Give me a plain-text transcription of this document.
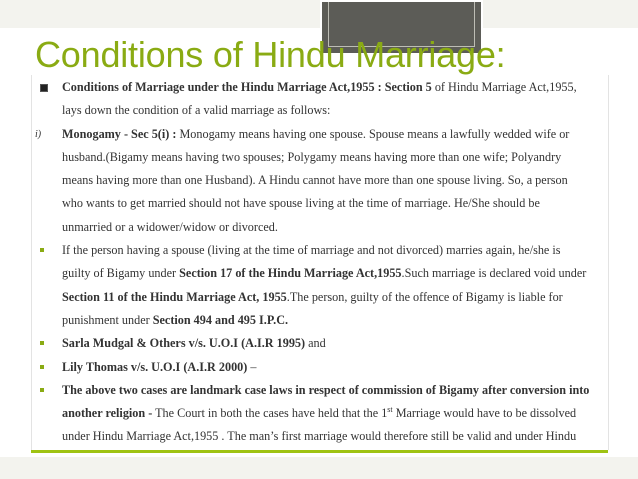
Conditions of Hindu Marriage:
Conditions of Marriage under the Hindu Marriage Act,1955 : Section 5 of Hindu Marriage Act,1955,
lays down the condition of a valid marriage as follows:
i)	Monogamy - Sec 5(i) : Monogamy means having one spouse. Spouse means a lawfully wedded wife or
husband.(Bigamy means having two spouses; Polygamy means having more than one wife; Polyandry
means having more than one Husband). A Hindu cannot have more than one spouse living. So, a person
who wants to get married should not have spouse living at the time of marriage. He/She should be
unmarried or a widower/widow or divorced.
If the person having a spouse (living at the time of marriage and not divorced) marries again, he/she is
guilty of Bigamy under Section 17 of the Hindu Marriage Act,1955.Such marriage is declared void under
Section 11 of the Hindu Marriage Act, 1955.The person, guilty of the offence of Bigamy is liable for
punishment under Section 494 and 495 I.P.C.
Sarla Mudgal & Others v/s. U.O.I (A.I.R 1995) and
Lily Thomas v/s. U.O.I (A.I.R 2000) –
The above two cases are landmark case laws in respect of commission of Bigamy after conversion into
another religion - The Court in both the cases have held that the 1st Marriage would have to be dissolved
under Hindu Marriage Act,1955 . The man’s first marriage would therefore still be valid and under Hindu
